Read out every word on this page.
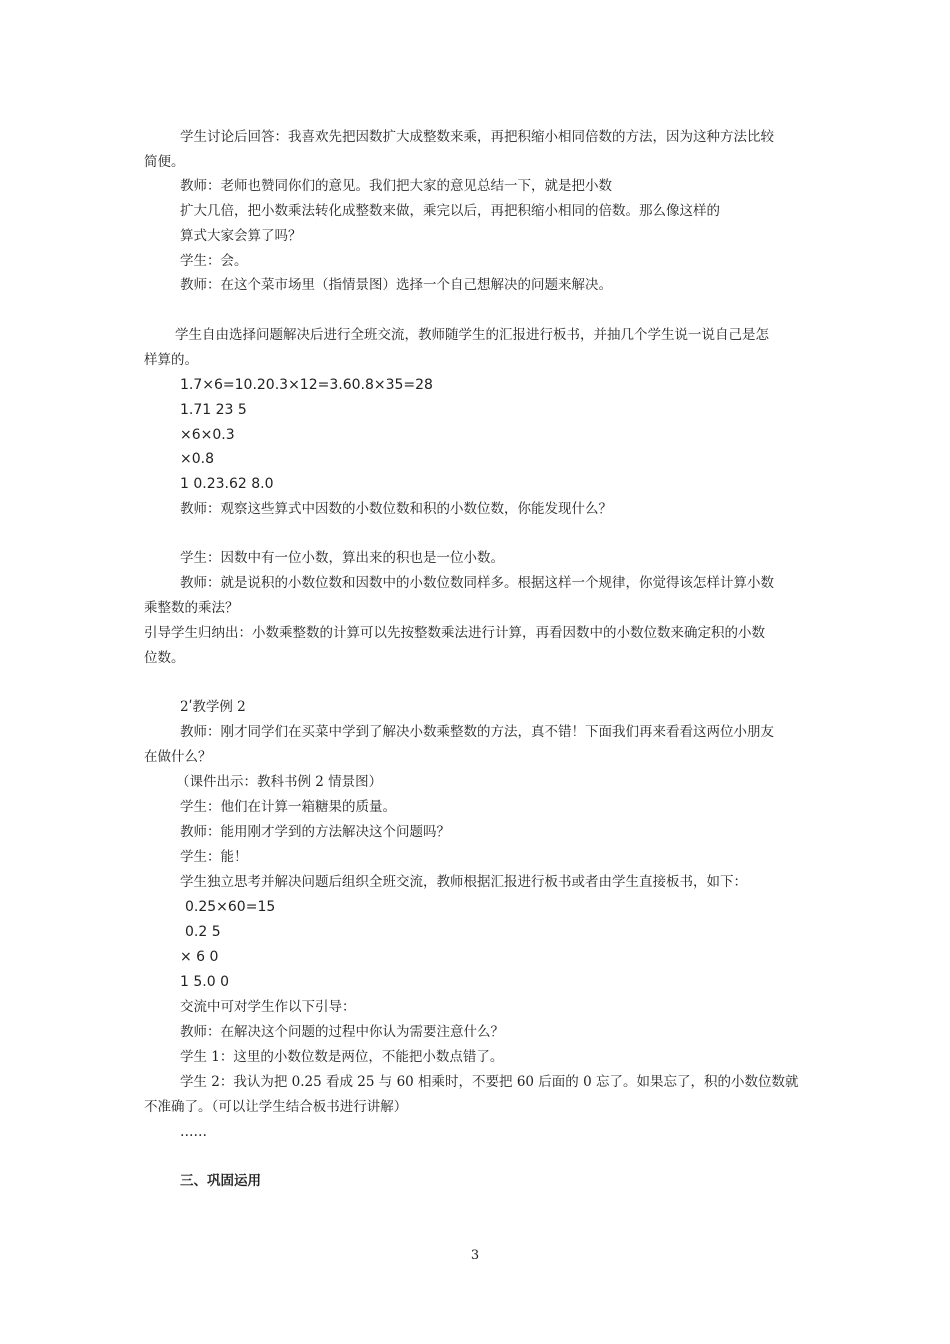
学生讨论后回答：我喜欢先把因数扩大成整数来乘，再把积缩小相同倍数的方法，因为这种方法比较
简便。
教师：老师也赞同你们的意见。我们把大家的意见总结一下，就是把小数
扩大几倍，把小数乘法转化成整数来做，乘完以后，再把积缩小相同的倍数。那么像这样的
算式大家会算了吗？
学生：会。
教师：在这个菜市场里（指情景图）选择一个自己想解决的问题来解决。
学生自由选择问题解决后进行全班交流，教师随学生的汇报进行板书，并抽几个学生说一说自己是怎
样算的。
1.7×6=10.20.3×12=3.60.8×35=28
1.71 23 5
×6×0.3
×0.8
1 0.23.62 8.0
教师：观察这些算式中因数的小数位数和积的小数位数，你能发现什么？
学生：因数中有一位小数，算出来的积也是一位小数。
教师：就是说积的小数位数和因数中的小数位数同样多。根据这样一个规律，你觉得该怎样计算小数
乘整数的乘法？
引导学生归纳出：小数乘整数的计算可以先按整数乘法进行计算，再看因数中的小数位数来确定积的小数
位数。
2ʹ教学例 2
教师：刚才同学们在买菜中学到了解决小数乘整数的方法，真不错！下面我们再来看看这两位小朋友
在做什么？
（课件出示：教科书例 2 情景图）
学生：他们在计算一箱糖果的质量。
教师：能用刚才学到的方法解决这个问题吗？
学生：能！
学生独立思考并解决问题后组织全班交流，教师根据汇报进行板书或者由学生直接板书，如下：
0.25×60=15
0.2 5
× 6 0
1 5.0 0
交流中可对学生作以下引导：
教师：在解决这个问题的过程中你认为需要注意什么？
学生 1：这里的小数位数是两位，不能把小数点错了。
学生 2：我认为把 0.25 看成 25 与 60 相乘时，不要把 60 后面的 0 忘了。如果忘了，积的小数位数就
不准确了。（可以让学生结合板书进行讲解）
……
三、巩固运用
3
